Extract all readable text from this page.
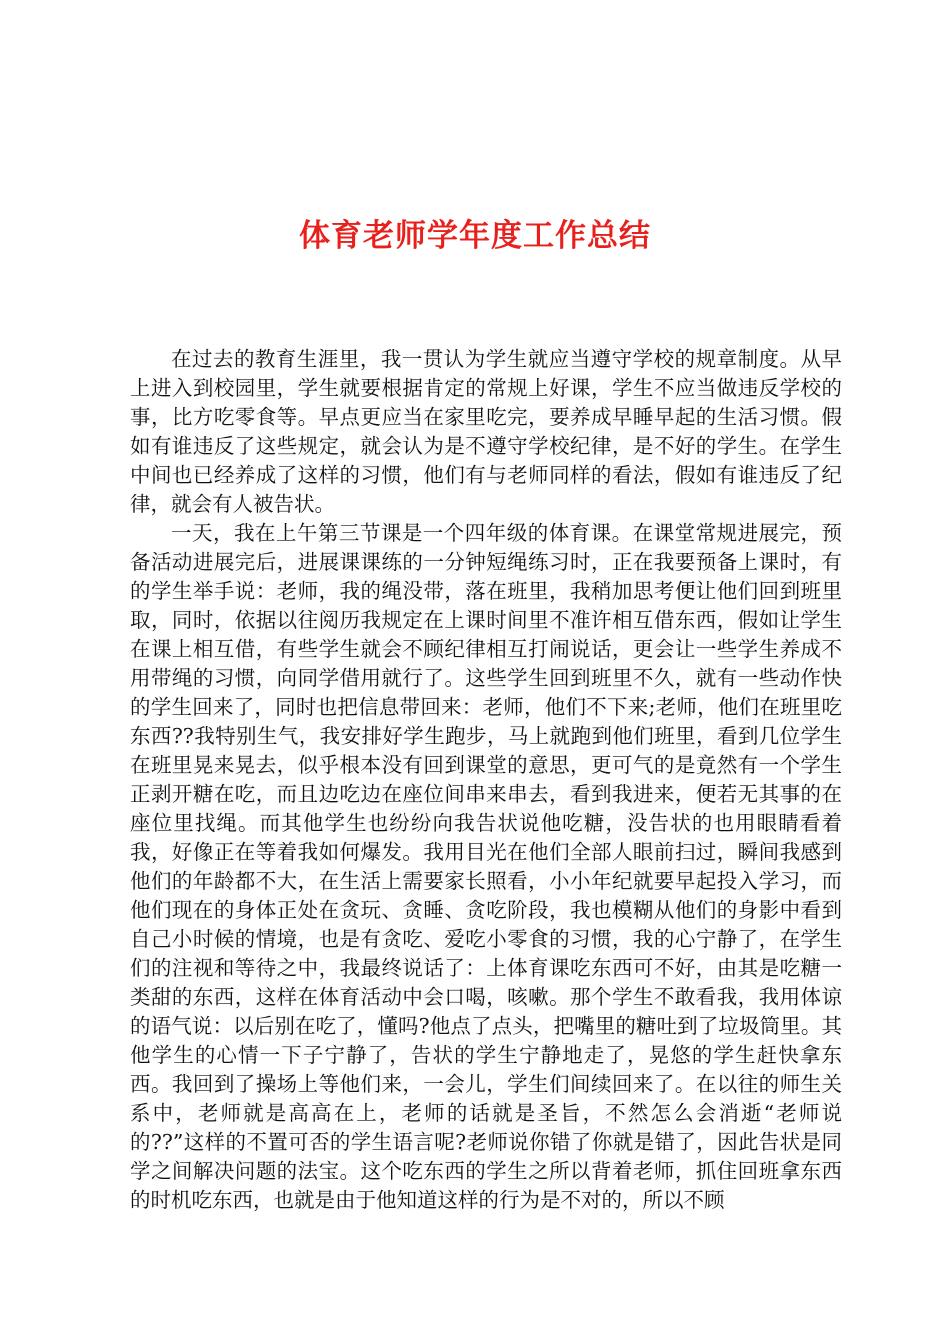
体育老师学年度工作总结

在过去的教育生涯里，我一贯认为学生就应当遵守学校的规章制度。从早上进入到校园里，学生就要根据肯定的常规上好课，学生不应当做违反学校的事，比方吃零食等。早点更应当在家里吃完，要养成早睡早起的生活习惯。假如有谁违反了这些规定，就会认为是不遵守学校纪律，是不好的学生。在学生中间也已经养成了这样的习惯，他们有与老师同样的看法，假如有谁违反了纪律，就会有人被告状。

一天，我在上午第三节课是一个四年级的体育课。在课堂常规进展完，预备活动进展完后，进展课课练的一分钟短绳练习时，正在我要预备上课时，有的学生举手说：老师，我的绳没带，落在班里，我稍加思考便让他们回到班里取，同时，依据以往阅历我规定在上课时间里不准许相互借东西，假如让学生在课上相互借，有些学生就会不顾纪律相互打闹说话，更会让一些学生养成不用带绳的习惯，向同学借用就行了。这些学生回到班里不久，就有一些动作快的学生回来了，同时也把信息带回来：老师，他们不下来;老师，他们在班里吃东西??我特别生气，我安排好学生跑步，马上就跑到他们班里，看到几位学生在班里晃来晃去，似乎根本没有回到课堂的意思，更可气的是竟然有一个学生正剥开糖在吃，而且边吃边在座位间串来串去，看到我进来，便若无其事的在座位里找绳。而其他学生也纷纷向我告状说他吃糖，没告状的也用眼睛看着我，好像正在等着我如何爆发。我用目光在他们全部人眼前扫过，瞬间我感到他们的年龄都不大，在生活上需要家长照看，小小年纪就要早起投入学习，而他们现在的身体正处在贪玩、贪睡、贪吃阶段，我也模糊从他们的身影中看到自己小时候的情境，也是有贪吃、爱吃小零食的习惯，我的心宁静了，在学生们的注视和等待之中，我最终说话了：上体育课吃东西可不好，由其是吃糖一类甜的东西，这样在体育活动中会口喝，咳嗽。那个学生不敢看我，我用体谅的语气说：以后别在吃了，懂吗?他点了点头，把嘴里的糖吐到了垃圾筒里。其他学生的心情一下子宁静了，告状的学生宁静地走了，晃悠的学生赶快拿东西。我回到了操场上等他们来，一会儿，学生们间续回来了。在以往的师生关系中，老师就是高高在上，老师的话就是圣旨，不然怎么会消逝“老师说的??”这样的不置可否的学生语言呢?老师说你错了你就是错了，因此告状是同学之间解决问题的法宝。这个吃东西的学生之所以背着老师，抓住回班拿东西的时机吃东西，也就是由于他知道这样的行为是不对的，所以不顾
